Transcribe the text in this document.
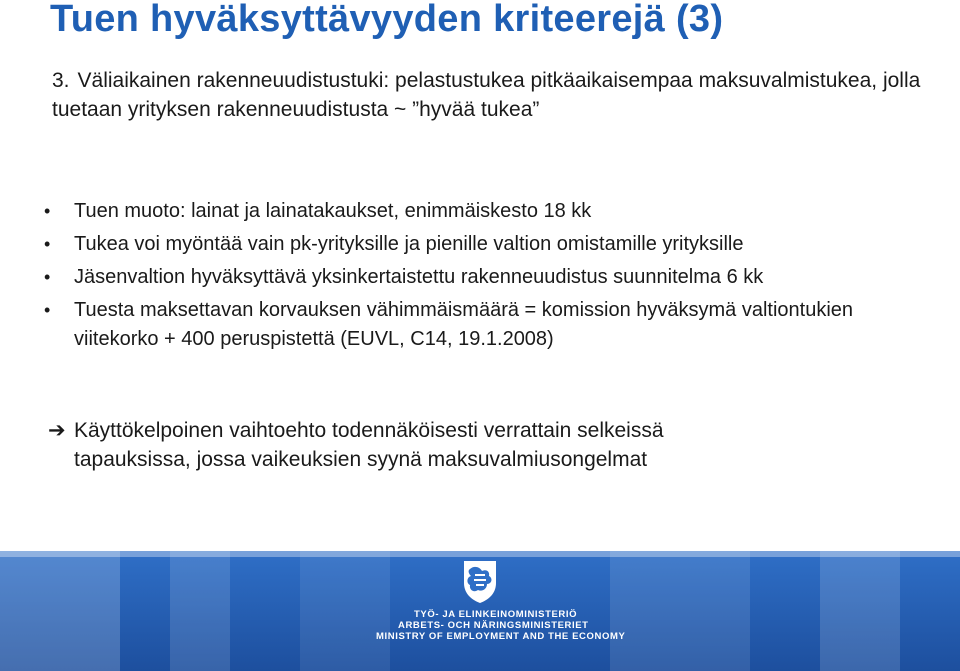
Tuen hyväksyttävyyden kriteerejä (3)
3. Väliaikainen rakenneuudistustuki: pelastustukea pitkäaikaisempaa maksuvalmistukea, jolla tuetaan yrityksen rakenneuudistusta ~ ”hyvää tukea”
• Tuen muoto: lainat ja lainatakaukset, enimmäiskesto 18 kk
• Tukea voi myöntää vain pk-yrityksille ja pienille valtion omistamille yrityksille
• Jäsenvaltion hyväksyttävä yksinkertaistettu rakenneuudistus suunnitelma 6 kk
• Tuesta maksettavan korvauksen vähimmäismäärä = komission hyväksymä valtiontukien viitekorko + 400 peruspistettä (EUVL, C14, 19.1.2008)
➔ Käyttökelpoinen vaihtoehto todennäköisesti verrattain selkeissä
tapauksissa, jossa vaikeuksien syynä maksuvalmiusongelmat
TYÖ- JA ELINKEINOMINISTERIÖ
ARBETS- OCH NÄRINGSMINISTERIET
MINISTRY OF EMPLOYMENT AND THE ECONOMY
